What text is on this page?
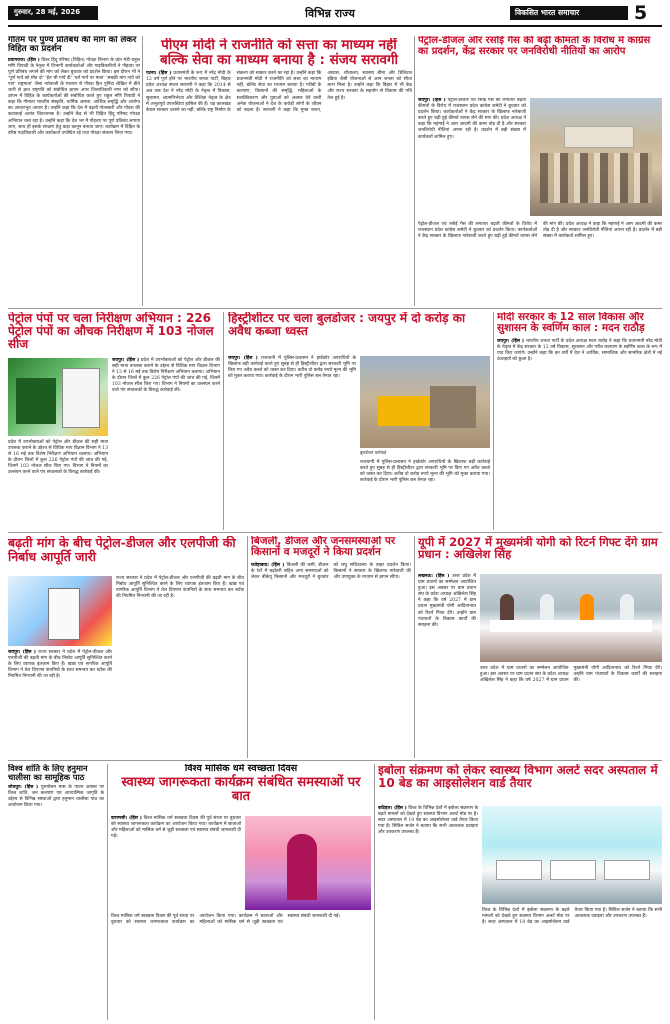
गुरुवार, 28 मई, 2026	विभिन्न राज्य	विकसित भारत समाचार	5
गौतम पर पुण्य प्रतिबंध की मांग को लेकर विहित का प्रदर्शन
प्रयागराज। (हिंस ) विश्व हिंदू परिषद (विहित) गोरक्षा विभाग के प्रांत मंत्री राहुल मणि त्रिपाठी के नेतृत्व में विभागी कार्यकर्ताओं और गाइडिकारियों ने गौहत्या पर पूर्ण प्रतिबंध लगाने की मांग को लेकर बुधवार को प्रदर्शन किया। इस दौरान भी ने 'पूर्ण गायें को मौत दो' 'हेत भी गायें दी' 'धर्म गायें पर माता' 'सबकी मांग गायें को पाएं' राष्ट्रमाता' जैसा नारेबाजी के माध्यम से गौवंश हित पुनिंदा लेखित में बीते जारी से ज्ञात राष्ट्रपति को संबोधित ज्ञापन अपर जिलाधिकारी नगर को सौंपा। ज्ञापन में विहित के कार्यकर्ताओं की संबोधित करते हुए राहुल मणि त्रिपाठी ने कहा कि गौमाता भारतीय संस्कृति, धार्मिक आस्था, आर्थिक समृद्धि और आरोग्य का आधारभूत आधार है। उन्होंने कहा कि देश में बढ़ती गोतस्करी और गौवंश की कटाकाई अत्यंत चिंताजनक है। उन्होंने केंद्र से भी विहित हिंदू परिषद गोरक्षा अभियान चला रहा है। उन्होंने कहा कि देश भर में गौहत्या पर पूर्ण प्रतिबंध लगाया जाए, साथ ही इसके संरक्षण हेतु कड़ा कानून बनाया जाए। कार्यक्रम में विहित के वरिष्ठ पदाधिकारी और कार्यकर्ता उपस्थित रहे तथा गौरक्षा संकल्प लिया गया।
पीएम मोदी ने राजनीति को सत्ता का माध्यम नहीं
बल्कि सेवा का माध्यम बनाया है : संजय सरावगी
पटना। (हिंस ) प्रधानमंत्री के रूप में नरेंद्र मोदी के 12 वर्ष पूर्ण होने पर भारतीय जनता पार्टी, बिहार प्रदेश अध्यक्ष संजय सरावगी ने कहा कि 2014 से अब तक देश ने नरेंद्र मोदी के नेतृत्व में विकास, सुशासन, आत्मनिर्भरता और वैश्विक नेतृत्व के क्षेत्र में अभूतपूर्व उपलब्धियां हासिल की हैं। यह कालखंड केवल सरकार चलाने का नहीं, बल्कि राष्ट्र निर्माण के संकल्प को साकार करने का रहा है। उन्होंने कहा कि प्रधानमंत्री मोदी ने राजनीति को सत्ता का माध्यम नहीं, बल्कि सेवा का माध्यम बनाया है। गरीबों के कल्याण, किसानों की समृद्धि, महिलाओं के सशक्तिकरण और युवाओं को अवसर देने वाली अनेक योजनाओं ने देश के करोड़ों लोगों के जीवन को बदला है। सरावगी ने कहा कि मुफ्त राशन, आवास, शौचालय, स्वास्थ्य बीमा और डिजिटल इंडिया जैसी योजनाओं से आम जनता को सीधा लाभ मिला है। उन्होंने कहा कि बिहार में भी केंद्र और राज्य सरकार के सहयोग से विकास की गति तेज हुई है।
पेट्रोल-डीजल और रसोई गैस की बढ़ी कीमतों के विरोध में कांग्रेस का प्रदर्शन, केंद्र सरकार पर जनविरोधी नीतियों का आरोप
जयपुर। (हिंस ) पेट्रोल-डीजल एवं रसोई गैस की लगातार बढ़ती कीमतों के विरोध में राजस्थान प्रदेश कांग्रेस कमेटी ने बुधवार को प्रदर्शन किया। कार्यकर्ताओं ने केंद्र सरकार के खिलाफ नारेबाजी करते हुए बढ़ी हुई कीमतें वापस लेने की मांग की। प्रदेश अध्यक्ष ने कहा कि महंगाई ने आम आदमी की कमर तोड़ दी है और सरकार जनविरोधी नीतियां अपना रही है। प्रदर्शन में बड़ी संख्या में कार्यकर्ता शामिल हुए।
पेट्रोल-डीजल एवं रसोई गैस की लगातार बढ़ती कीमतों के विरोध में राजस्थान प्रदेश कांग्रेस कमेटी ने बुधवार को प्रदर्शन किया। कार्यकर्ताओं ने केंद्र सरकार के खिलाफ नारेबाजी करते हुए बढ़ी हुई कीमतें वापस लेने की मांग की। प्रदेश अध्यक्ष ने कहा कि महंगाई ने आम आदमी की कमर तोड़ दी है और सरकार जनविरोधी नीतियां अपना रही है। प्रदर्शन में बड़ी संख्या में कार्यकर्ता शामिल हुए।
पेट्रोल पंपों पर चला निरीक्षण अभियान : 226 पेट्रोल पंपों का औचक निरीक्षण में 103 नोजल सीज
जयपुर। (हिंस ) प्रदेश में उपभोक्ताओं को पेट्रोल और डीजल की सही मात्रा उपलब्ध कराने के उद्देश्य से विधिक माप विज्ञान विभाग ने 13 से 16 मई तक विशेष निरीक्षण अभियान चलाया। अभियान के दौरान जिलों में कुल 226 पेट्रोल पंपों की जांच की गई, जिनमें 103 नोजल सीज किए गए। विभाग ने नियमों का उल्लंघन करने वाले पंप संचालकों के विरुद्ध कार्रवाई की।
प्रदेश में उपभोक्ताओं को पेट्रोल और डीजल की सही मात्रा उपलब्ध कराने के उद्देश्य से विधिक माप विज्ञान विभाग ने 13 से 16 मई तक विशेष निरीक्षण अभियान चलाया। अभियान के दौरान जिलों में कुल 226 पेट्रोल पंपों की जांच की गई, जिनमें 103 नोजल सीज किए गए। विभाग ने नियमों का उल्लंघन करने वाले पंप संचालकों के विरुद्ध कार्रवाई की।
हिस्ट्रीशीटर पर चला बुलडोजर : जयपुर में दो करोड़ का अवैध कब्जा ध्वस्त
जयपुर। (हिंस ) राजधानी में पुलिस-प्रशासन ने हार्डकोर अपराधियों के खिलाफ बड़ी कार्रवाई करते हुए सुबह से ही हिस्ट्रीशीटर द्वारा सरकारी भूमि पर किए गए अवैध कब्जे को ध्वस्त कर दिया। करीब दो करोड़ रुपये मूल्य की भूमि को मुक्त कराया गया। कार्रवाई के दौरान भारी पुलिस बल तैनात रहा।
बुलडोजर कार्रवाई
राजधानी में पुलिस-प्रशासन ने हार्डकोर अपराधियों के खिलाफ बड़ी कार्रवाई करते हुए सुबह से ही हिस्ट्रीशीटर द्वारा सरकारी भूमि पर किए गए अवैध कब्जे को ध्वस्त कर दिया। करीब दो करोड़ रुपये मूल्य की भूमि को मुक्त कराया गया। कार्रवाई के दौरान भारी पुलिस बल तैनात रहा।
मोदी सरकार के 12 साल विकास और सुशासन के स्वर्णिम काल : मदन राठौड़
जयपुर। (हिंस ) भारतीय जनता पार्टी के प्रदेश अध्यक्ष मदन राठौड़ ने कहा कि प्रधानमंत्री नरेंद्र मोदी के नेतृत्व में केंद्र सरकार के 12 वर्ष विकास, सुशासन और गरीब कल्याण के स्वर्णिम काल के रूप में याद किए जाएंगे। उन्होंने कहा कि इन वर्षों में देश ने आर्थिक, सामाजिक और सामरिक क्षेत्रों में नई ऊंचाइयों को छुआ है।
बढ़ती मांग के बीच पेट्रोल-डीजल और एलपीजी की निर्बाध आपूर्ति जारी
राज्य सरकार ने प्रदेश में पेट्रोल-डीजल और एलपीजी की बढ़ती मांग के बीच निर्बाध आपूर्ति सुनिश्चित करने के लिए व्यापक इंतजाम किए हैं। खाद्य एवं नागरिक आपूर्ति विभाग ने तेल विपणन कंपनियों के साथ समन्वय कर स्टॉक की नियमित निगरानी की जा रही है।
जयपुर। (हिंस ) राज्य सरकार ने प्रदेश में पेट्रोल-डीजल और एलपीजी की बढ़ती मांग के बीच निर्बाध आपूर्ति सुनिश्चित करने के लिए व्यापक इंतजाम किए हैं। खाद्य एवं नागरिक आपूर्ति विभाग ने तेल विपणन कंपनियों के साथ समन्वय कर स्टॉक की नियमित निगरानी की जा रही है।
बिजली, डीजल और जनसमस्याओं पर किसानों व मजदूरों ने किया प्रदर्शन
फतेहाबाद। (हिंस ) बिजली की कमी, डीजल के रेटों में बढ़ोतरी सहित अन्य समस्याओं को लेकर बीकेयू किसानों और मजदूरों ने बुधवार को लघु सचिवालय के बाहर प्रदर्शन किया। किसानों ने सरकार के खिलाफ नारेबाजी की और उपायुक्त के माध्यम से ज्ञापन सौंपा।
यूपी में 2027 में मुख्यमंत्री योगी को रिटर्न गिफ्ट देंगे ग्राम प्रधान : अखिलेश सिंह
लखनऊ। (हिंस ) उत्तर प्रदेश में ग्राम प्रधानों का सम्मेलन आयोजित हुआ। इस अवसर पर ग्राम प्रधान संघ के प्रदेश अध्यक्ष अखिलेश सिंह ने कहा कि वर्ष 2027 में ग्राम प्रधान मुख्यमंत्री योगी आदित्यनाथ को रिटर्न गिफ्ट देंगे। उन्होंने ग्राम पंचायतों के विकास कार्यों की सराहना की।
उत्तर प्रदेश में ग्राम प्रधानों का सम्मेलन आयोजित हुआ। इस अवसर पर ग्राम प्रधान संघ के प्रदेश अध्यक्ष अखिलेश सिंह ने कहा कि वर्ष 2027 में ग्राम प्रधान मुख्यमंत्री योगी आदित्यनाथ को रिटर्न गिफ्ट देंगे। उन्होंने ग्राम पंचायतों के विकास कार्यों की सराहना की।
विश्व शांति के लिए हनुमान चालीसा का सामूहिक पाठ
जोधपुर। (हिंस ) पुरुषोत्तम मास के पावन अवसर पर विश्व शांति, जन कल्याण एवं आध्यात्मिक जागृति के उद्देश्य से विभिन्न संस्थाओं द्वारा हनुमान चालीसा पाठ का आयोजन किया गया।
विश्व मासिक धर्म स्वच्छता दिवस
स्वास्थ्य जागरूकता कार्यक्रम संबंधित समस्याओं पर बात
वाराणसी। (हिंस ) विश्व मासिक धर्म स्वच्छता दिवस की पूर्व संध्या पर बुधवार को स्वास्थ्य जागरूकता कार्यक्रम का आयोजन किया गया। कार्यक्रम में छात्राओं और महिलाओं को मासिक धर्म से जुड़ी स्वच्छता एवं स्वास्थ्य संबंधी जानकारी दी गई।
विश्व मासिक धर्म स्वच्छता दिवस की पूर्व संध्या पर बुधवार को स्वास्थ्य जागरूकता कार्यक्रम का आयोजन किया गया। कार्यक्रम में छात्राओं और महिलाओं को मासिक धर्म से जुड़ी स्वच्छता एवं स्वास्थ्य संबंधी जानकारी दी गई।
इबोला संक्रमण को लेकर स्वास्थ्य विभाग अलर्ट सदर अस्पताल में 10 बेड का आइसोलेशन वार्ड तैयार
कटिहार। (हिंस ) विश्व के विभिन्न देशों में इबोला संक्रमण के बढ़ते मामलों को देखते हुए स्वास्थ्य विभाग अलर्ट मोड पर है। सदर अस्पताल में 10 बेड का आइसोलेशन वार्ड तैयार किया गया है। सिविल सर्जन ने बताया कि सभी आवश्यक दवाइयां और उपकरण उपलब्ध हैं।
विश्व के विभिन्न देशों में इबोला संक्रमण के बढ़ते मामलों को देखते हुए स्वास्थ्य विभाग अलर्ट मोड पर है। सदर अस्पताल में 10 बेड का आइसोलेशन वार्ड तैयार किया गया है। सिविल सर्जन ने बताया कि सभी आवश्यक दवाइयां और उपकरण उपलब्ध हैं।
